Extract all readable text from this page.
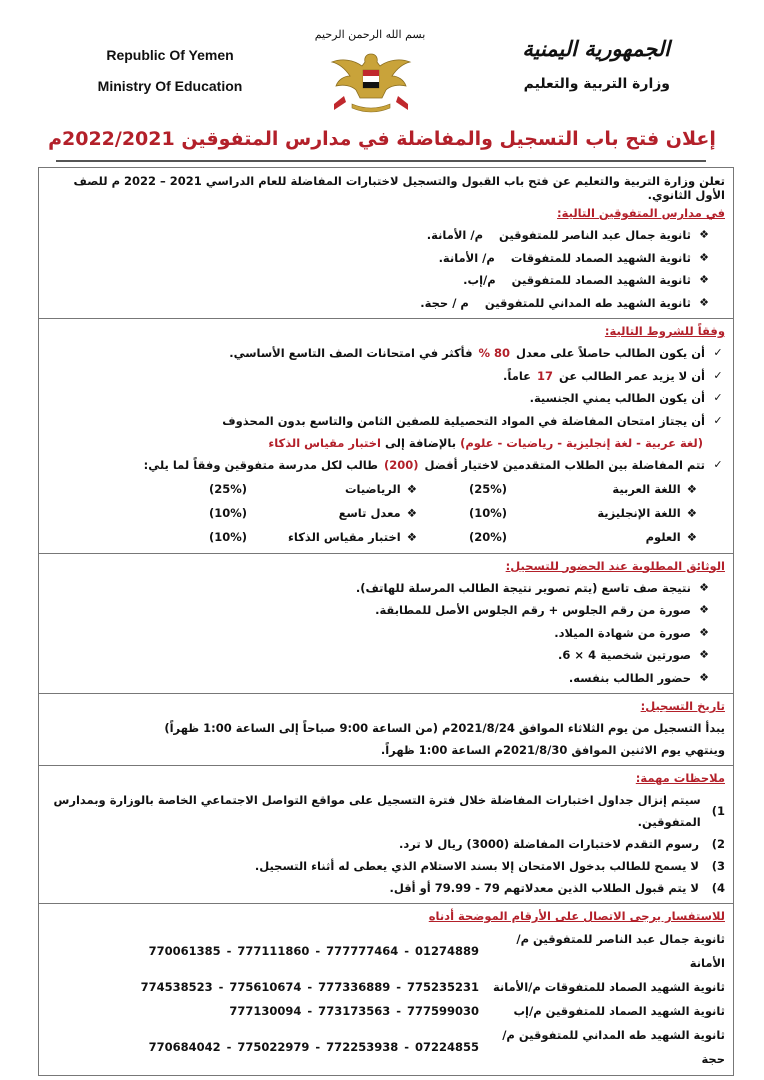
Republic Of Yemen
Ministry Of Education
بسم الله الرحمن الرحيم
الجمهورية اليمنية
وزارة التربية والتعليم
إعلان فتح باب التسجيل والمفاضلة في مدارس المتفوقين 2022/2021م
تعلن وزارة التربية والتعليم عن فتح باب القبول والتسجيل لاختبارات المفاضلة للعام الدراسي 2021 – 2022 م للصف الأول الثانوي.
في مدارس المتفوقين التالية:
❖
ثانوية جمال عبد الناصر للمتفوقين
م/ الأمانة.
❖
ثانوية الشهيد الصماد للمتفوقات
م/ الأمانة.
❖
ثانوية الشهيد الصماد للمتفوقين
م/إب.
❖
ثانوية الشهيد طه المداني للمتفوقين
م / حجة.
وفقاً للشروط التالية:
✓
أن يكون الطالب حاصلاً على معدل
80 %
فأكثر في امتحانات الصف التاسع الأساسي.
✓
أن لا يزيد عمر الطالب عن
17
عاماً.
✓
أن يكون الطالب يمني الجنسية.
✓
أن يجتاز امتحان المفاضلة في المواد التحصيلية للصفين الثامن والتاسع بدون المحذوف
(لغة عربية - لغة إنجليزية - رياضيات - علوم) بالإضافة إلى اختبار مقياس الذكاء
✓
تتم المفاضلة بين الطلاب المتقدمين لاختيار أفضل
(200)
طالب لكل مدرسة متفوقين وفقاً لما يلي:
❖
اللغة العربية
(25%)
❖
الرياضيات
(25%)
❖
اللغة الإنجليزية
(10%)
❖
معدل تاسع
(10%)
❖
العلوم
(20%)
❖
اختبار مقياس الذكاء
(10%)
الوثائق المطلوبة عند الحضور للتسجيل:
❖
نتيجة صف تاسع (يتم تصوير نتيجة الطالب المرسلة للهاتف).
❖
صورة من رقم الجلوس + رقم الجلوس الأصل للمطابقة.
❖
صورة من شهادة الميلاد.
❖
صورتين شخصية 4 × 6.
❖
حضور الطالب بنفسه.
تاريخ التسجيل:
يبدأ التسجيل من يوم الثلاثاء الموافق 2021/8/24م (من الساعة 9:00 صباحاً إلى الساعة 1:00 ظهراً)
وينتهي يوم الاثنين الموافق 2021/8/30م الساعة 1:00 ظهراً.
ملاحظات مهمة:
1)
سيتم إنزال جداول اختبارات المفاضلة خلال فترة التسجيل على مواقع التواصل الاجتماعي الخاصة بالوزارة وبمدارس المتفوقين.
2)
رسوم التقدم لاختبارات المفاضلة (3000) ريال لا ترد.
3)
لا يسمح للطالب بدخول الامتحان إلا بسند الاستلام الذي يعطى له أثناء التسجيل.
4)
لا يتم قبول الطلاب الذين معدلاتهم 79 - 79.99 أو أقل.
للاستفسار يرجى الاتصال على الأرقام الموضحة أدناه
ثانوية جمال عبد الناصر للمتفوقين م/الأمانة
770061385 - 777111860 - 777777464 - 01274889
ثانوية الشهيد الصماد للمتفوقات م/الأمانة
774538523 - 775610674 - 777336889 - 775235231
ثانوية الشهيد الصماد للمتفوقين م/إب
777130094 - 773173563 - 777599030
ثانوية الشهيد طه المداني للمتفوقين م/ حجة
770684042 - 775022979 - 772253938 - 07224855
